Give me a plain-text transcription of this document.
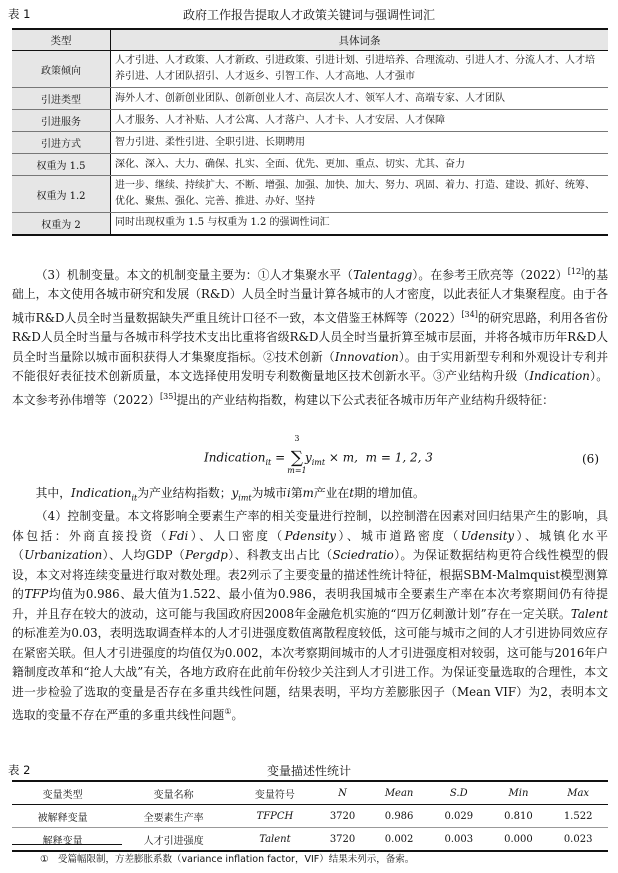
表 1	政府工作报告提取人才政策关键词与强调性词汇
类型	具体词条
政策倾向	人才引进、人才政策、人才新政、引进政策、引进计划、引进培养、合理流动、引进人才、分流人才、人才培养引进、人才团队招引、人才返乡、引智工作、人才高地、人才强市
引进类型	海外人才、创新创业团队、创新创业人才、高层次人才、领军人才、高端专家、人才团队
引进服务	人才服务、人才补贴、人才公寓、人才落户、人才卡、人才安居、人才保障
引进方式	智力引进、柔性引进、全职引进、长期聘用
权重为 1.5	深化、深入、大力、确保、扎实、全面、优先、更加、重点、切实、尤其、奋力
权重为 1.2	进一步、继续、持续扩大、不断、增强、加强、加快、加大、努力、巩固、着力、打造、建设、抓好、统筹、优化、聚焦、强化、完善、推进、办好、坚持
权重为 2	同时出现权重为 1.5 与权重为 1.2 的强调性词汇

（3）机制变量。本文的机制变量主要为：①人才集聚水平（Talentagg）。在参考王欣亮等（2022）[12]的基础上，本文使用各城市研究和发展（R&D）人员全时当量计算各城市的人才密度，以此表征人才集聚程度。由于各城市R&D人员全时当量数据缺失严重且统计口径不一致，本文借鉴王林辉等（2022）[34]的研究思路，利用各省份R&D人员全时当量与各城市科学技术支出比重将省级R&D人员全时当量折算至城市层面，并将各城市历年R&D人员全时当量除以城市面积获得人才集聚度指标。②技术创新（Innovation）。由于实用新型专利和外观设计专利并不能很好表征技术创新质量，本文选择使用发明专利数衡量地区技术创新水平。③产业结构升级（Indication）。本文参考孙伟增等（2022）[35]提出的产业结构指数，构建以下公式表征各城市历年产业结构升级特征：

Indication$_{it}$ =
3
∑
m=1
$y_{imt} \times m$, m = 1, 2, 3	(6)

其中，Indication$_{it}$为产业结构指数；$y_{imt}$为城市i第m产业在t期的增加值。

（4）控制变量。本文将影响全要素生产率的相关变量进行控制，以控制潜在因素对回归结果产生的影响，具体包括：外商直接投资（Fdi）、人口密度（Pdensity）、城市道路密度（Udensity）、城镇化水平（Urbanization）、人均GDP（Pergdp）、科教支出占比（Sciedratio）。为保证数据结构更符合线性模型的假设，本文对将连续变量进行取对数处理。表2列示了主要变量的描述性统计特征，根据SBM-Malmquist模型测算的TFP均值为0.986、最大值为1.522、最小值为0.986，表明我国城市全要素生产率在本次考察期间仍有待提升，并且存在较大的波动，这可能与我国政府因2008年金融危机实施的“四万亿刺激计划”存在一定关联。Talent的标准差为0.03，表明选取调查样本的人才引进强度数值离散程度较低，这可能与城市之间的人才引进协同效应存在紧密关联。但人才引进强度的均值仅为0.002，本次考察期间城市的人才引进强度相对较弱，这可能与2016年户籍制度改革和“抢人大战”有关，各地方政府在此前年份较少关注到人才引进工作。为保证变量选取的合理性，本文进一步检验了选取的变量是否存在多重共线性问题，结果表明，平均方差膨胀因子（Mean VIF）为2，表明本文选取的变量不存在严重的多重共线性问题①。

表 2	变量描述性统计
变量类型	变量名称	变量符号	N	Mean	S.D	Min	Max
被解释变量	全要素生产率	TFPCH	3720	0.986	0.029	0.810	1.522
解释变量	人才引进强度	Talent	3720	0.002	0.003	0.000	0.023
①　受篇幅限制，方差膨胀系数（variance inflation factor，VIF）结果未列示，备索。
